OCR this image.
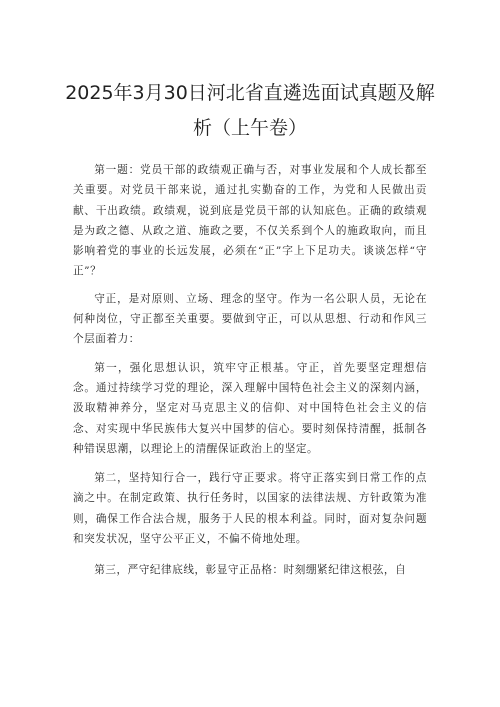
2025年3月30日河北省直遴选面试真题及解
析（上午卷）

第一题：党员干部的政绩观正确与否，对事业发展和个人成长都至关重要。对党员干部来说，通过扎实勤奋的工作，为党和人民做出贡献、干出政绩。政绩观，说到底是党员干部的认知底色。正确的政绩观是为政之德、从政之道、施政之要，不仅关系到个人的施政取向，而且影响着党的事业的长远发展，必须在“正”字上下足功夫。谈谈怎样“守正”？

守正，是对原则、立场、理念的坚守。作为一名公职人员，无论在何种岗位，守正都至关重要。要做到守正，可以从思想、行动和作风三个层面着力：

第一，强化思想认识，筑牢守正根基。守正，首先要坚定理想信念。通过持续学习党的理论，深入理解中国特色社会主义的深刻内涵，汲取精神养分，坚定对马克思主义的信仰、对中国特色社会主义的信念、对实现中华民族伟大复兴中国梦的信心。要时刻保持清醒，抵制各种错误思潮，以理论上的清醒保证政治上的坚定。

第二，坚持知行合一，践行守正要求。将守正落实到日常工作的点滴之中。在制定政策、执行任务时，以国家的法律法规、方针政策为准则，确保工作合法合规，服务于人民的根本利益。同时，面对复杂问题和突发状况，坚守公平正义，不偏不倚地处理。

第三，严守纪律底线，彰显守正品格：时刻绷紧纪律这根弦，自
